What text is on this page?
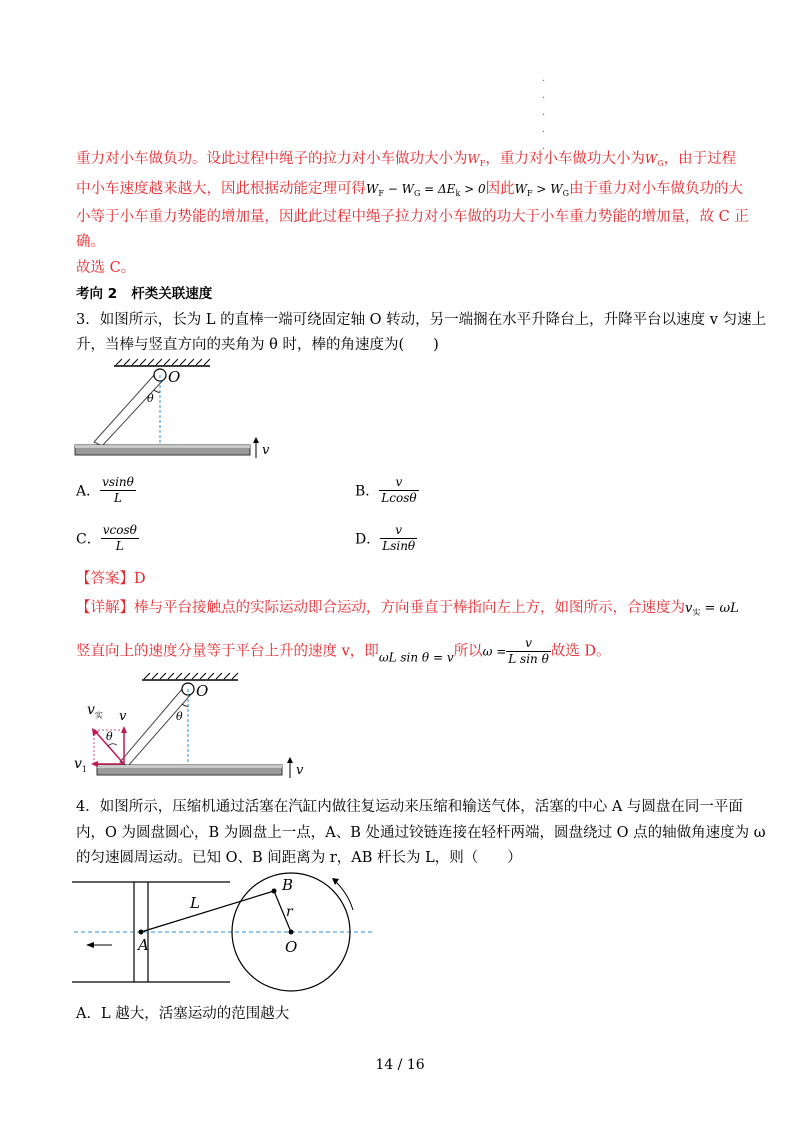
.
.
.
.
.
重力对小车做负功。设此过程中绳子的拉力对小车做功大小为$W_F$，重力对小车做功大小为$W_G$，由于过程
中小车速度越来越大，因此根据动能定理可得$W_F - W_G = \Delta E_k > 0$因此$W_F > W_G$由于重力对小车做负功的大
小等于小车重力势能的增加量，因此此过程中绳子拉力对小车做的功大于小车重力势能的增加量，故 C 正
确。
故选 C。
考向 2 杆类关联速度
3．如图所示，长为 L 的直棒一端可绕固定轴 O 转动，另一端搁在水平升降台上，升降平台以速度 v 匀速上
升，当棒与竖直方向的夹角为 θ 时，棒的角速度为(　　)
O
θ
v
A． $\frac{vsin\theta}{L}$	B． $\frac{v}{Lcos\theta}$
C． $\frac{vcos\theta}{L}$	D． $\frac{v}{Lsin\theta}$
【答案】D
【详解】棒与平台接触点的实际运动即合运动，方向垂直于棒指向左上方，如图所示，合速度为$v_实 = \omega L$
竖直向上的速度分量等于平台上升的速度 v，即$_{\omega L sin \theta = v}$所以$\omega = \frac{v}{\text{L sin θ}}$ 故选 D。
O
θ
v
θ
$v_实$ v
$v_1$
4．如图所示，压缩机通过活塞在汽缸内做往复运动来压缩和输送气体，活塞的中心 A 与圆盘在同一平面
内，O 为圆盘圆心，B 为圆盘上一点，A、B 处通过铰链连接在轻杆两端，圆盘绕过 O 点的轴做角速度为 ω
的匀速圆周运动。已知 O、B 间距离为 r，AB 杆长为 L，则（　　）
A
B
O
L	r
A．L 越大，活塞运动的范围越大
14 / 16
